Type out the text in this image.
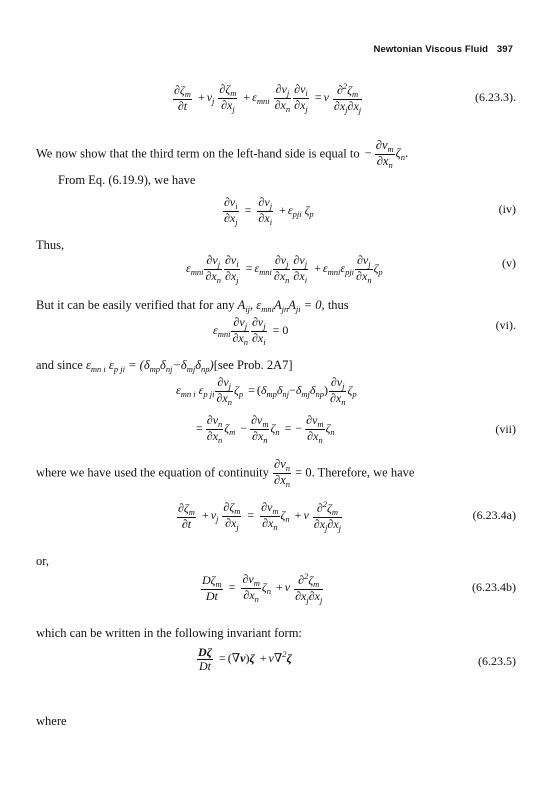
Newtonian Viscous Fluid 397
$\frac{\partial\zeta_m}{\partial t} + v_j \frac{\partial\zeta_m}{\partial x_j} + \varepsilon_{mni} \frac{\partial v_j}{\partial x_n} \frac{\partial v_i}{\partial x_j} = \nu \frac{\partial^2\zeta_m}{\partial x_j\partial x_j}$	(6.23.3).
We now show that the third term on the left-hand side is equal to − $\frac{\partial v_m}{\partial x_n} \zeta_n$.
From Eq. (6.19.9), we have
$\frac{\partial v_i}{\partial x_j} = \frac{\partial v_j}{\partial x_i} + \varepsilon_{pji}$ $\zeta_p$	(iv)
Thus,
$\varepsilon_{mni} \frac{\partial v_j}{\partial x_n} \frac{\partial v_i}{\partial x_j} = \varepsilon_{mni} \frac{\partial v_j}{\partial x_n} \frac{\partial v_j}{\partial x_i} + \varepsilon_{mni}\varepsilon_{pji} \frac{\partial v_j}{\partial x_n} \zeta_p$
(v)
But it can be easily verified that for any $A_{ij}$, $\varepsilon_{mni}A_{jn}A_{ji} = 0$, thus
$\varepsilon_{mni} \frac{\partial v_j}{\partial x_n} \frac{\partial v_j}{\partial x_i} = 0$	(vi).
and since $\varepsilon_{mn i}$ $\varepsilon_{p ji} = (\delta_{mp}\delta_{nj}-\delta_{mj}\delta_{np})[see$ Prob. 2A7]
$\varepsilon_{mn i}$ $\varepsilon_{p ji} \frac{\partial v_j}{\partial x_n} \zeta_p = (\delta_{mp}\delta_{nj}-\delta_{mj}\delta_{np}) \frac{\partial v_j}{\partial x_n} \zeta_p$
= $\frac{\partial v_n}{\partial x_n} \zeta_m - \frac{\partial v_m}{\partial x_n} \zeta_n$ = − $\frac{\partial v_m}{\partial x_n} \zeta_n$	(vii)
where we have used the equation of continuity $\frac{\partial v_n}{\partial x_n} = 0$. Therefore, we have
$\frac{\partial\zeta_m}{\partial t} + v_j \frac{\partial\zeta_m}{\partial x_j} = \frac{\partial v_m}{\partial x_n} \zeta_n + \nu \frac{\partial^2\zeta_m}{\partial x_j\partial x_j}$	(6.23.4a)
or,
$\frac{D\zeta_m}{Dt} = \frac{\partial v_m}{\partial x_n} \zeta_n + \nu \frac{\partial^2\zeta_m}{\partial x_j\partial x_j}$	(6.23.4b)
which can be written in the following invariant form:
$\frac{D\zeta}{Dt} = (\nabla v)\zeta + \nu\nabla^2\zeta$	(6.23.5)
where
